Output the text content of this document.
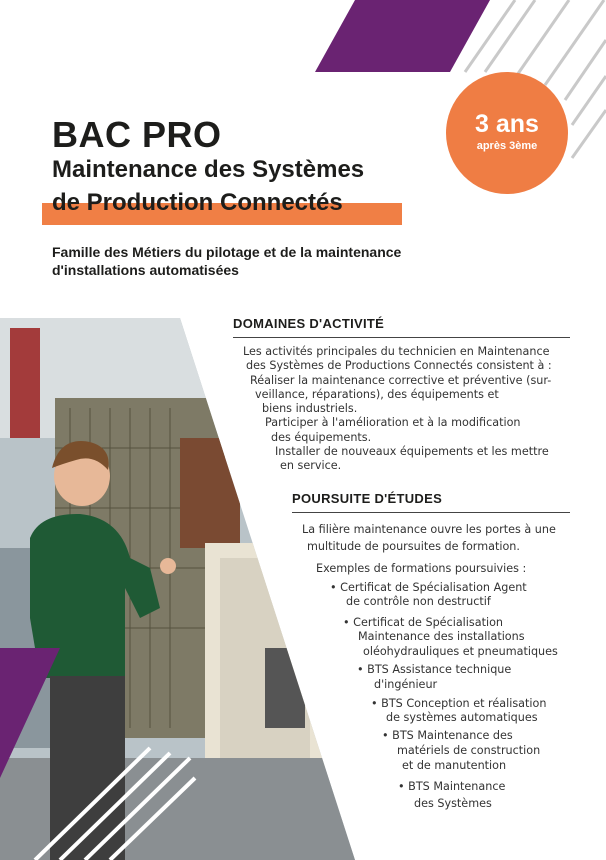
3 ans
après 3ème
BAC PRO
Maintenance des Systèmes
de Production Connectés
Famille des Métiers du pilotage et de la maintenance
d'installations automatisées
DOMAINES D'ACTIVITÉ
Les activités principales du technicien en Maintenance
des Systèmes de Productions Connectés consistent à :
Réaliser la maintenance corrective et préventive (sur-
veillance, réparations), des équipements et
biens industriels.
Participer à l'amélioration et à la modification
des équipements.
Installer de nouveaux équipements et les mettre
en service.
POURSUITE D'ÉTUDES
La filière maintenance ouvre les portes à une
multitude de poursuites de formation.
Exemples de formations poursuivies :
• Certificat de Spécialisation Agent
de contrôle non destructif
• Certificat de Spécialisation
Maintenance des installations
oléohydrauliques et pneumatiques
• BTS Assistance technique
d'ingénieur
• BTS Conception et réalisation
de systèmes automatiques
• BTS Maintenance des
matériels de construction
et de manutention
• BTS Maintenance
des Systèmes
